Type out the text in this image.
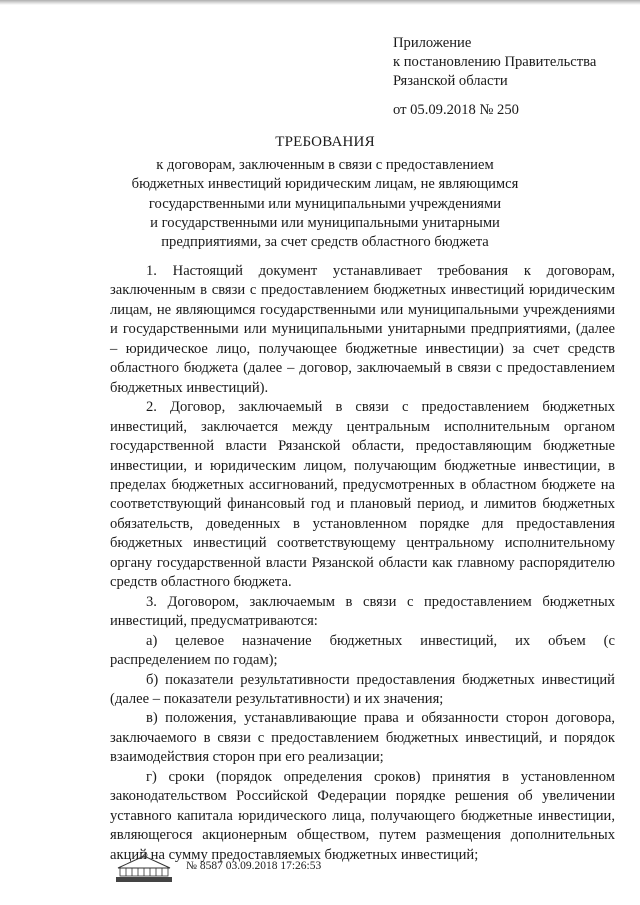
Приложение
к постановлению Правительства
Рязанской области
от 05.09.2018 № 250
ТРЕБОВАНИЯ
к договорам, заключенным в связи с предоставлением
бюджетных инвестиций юридическим лицам, не являющимся
государственными или муниципальными учреждениями
и государственными или муниципальными унитарными
предприятиями, за счет средств областного бюджета

1. Настоящий документ устанавливает требования к договорам, заключенным в связи с предоставлением бюджетных инвестиций юридическим лицам, не являющимся государственными или муниципальными учреждениями и государственными или муниципальными унитарными предприятиями, (далее – юридическое лицо, получающее бюджетные инвестиции) за счет средств областного бюджета (далее – договор, заключаемый в связи с предоставлением бюджетных инвестиций).

2. Договор, заключаемый в связи с предоставлением бюджетных инвестиций, заключается между центральным исполнительным органом государственной власти Рязанской области, предоставляющим бюджетные инвестиции, и юридическим лицом, получающим бюджетные инвестиции, в пределах бюджетных ассигнований, предусмотренных в областном бюджете на соответствующий финансовый год и плановый период, и лимитов бюджетных обязательств, доведенных в установленном порядке для предоставления бюджетных инвестиций соответствующему центральному исполнительному органу государственной власти Рязанской области как главному распорядителю средств областного бюджета.

3. Договором, заключаемым в связи с предоставлением бюджетных инвестиций, предусматриваются:

а) целевое назначение бюджетных инвестиций, их объем (с распределением по годам);

б) показатели результативности предоставления бюджетных инвестиций (далее – показатели результативности) и их значения;

в) положения, устанавливающие права и обязанности сторон договора, заключаемого в связи с предоставлением бюджетных инвестиций, и порядок взаимодействия сторон при его реализации;

г) сроки (порядок определения сроков) принятия в установленном законодательством Российской Федерации порядке решения об увеличении уставного капитала юридического лица, получающего бюджетные инвестиции, являющегося акционерным обществом, путем размещения дополнительных акций на сумму предоставляемых бюджетных инвестиций;

№ 8587 03.09.2018 17:26:53
